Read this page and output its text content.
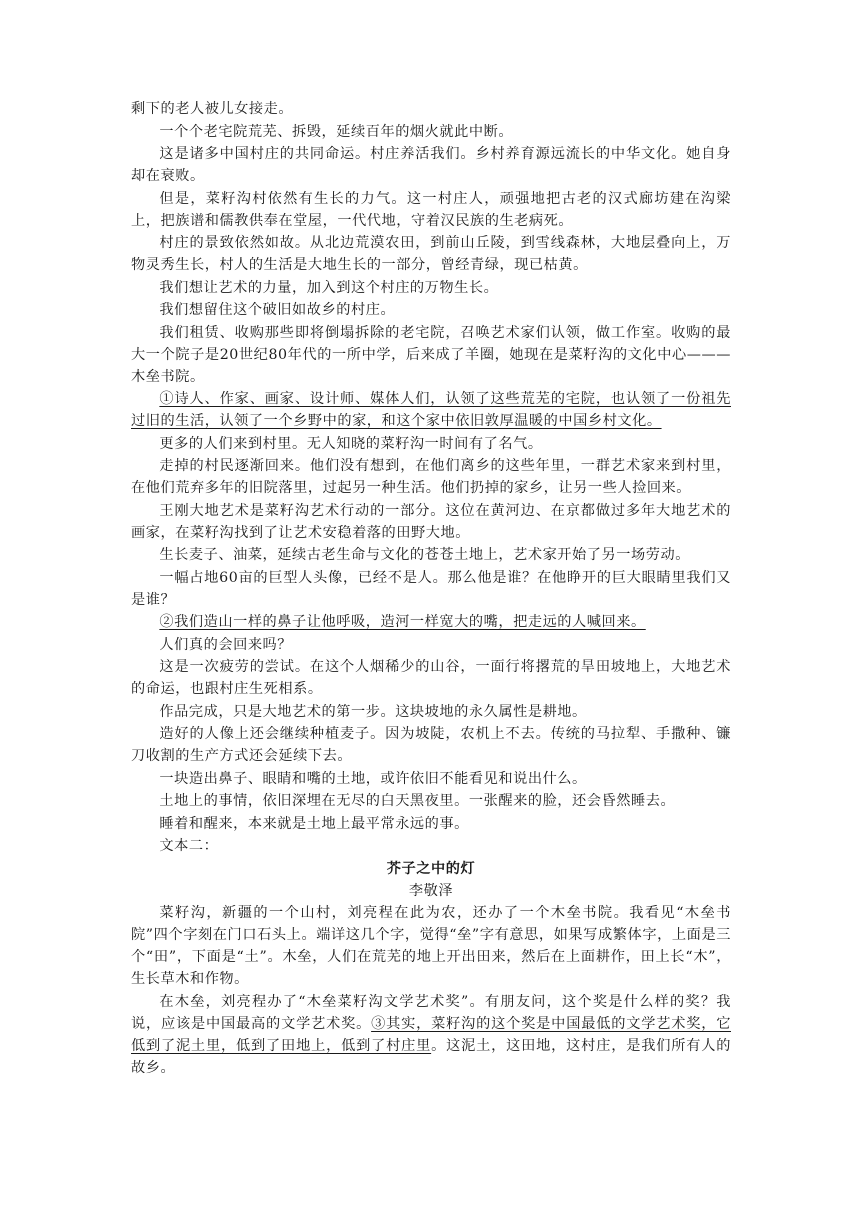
剩下的老人被儿女接走。

一个个老宅院荒芜、拆毁，延续百年的烟火就此中断。

这是诸多中国村庄的共同命运。村庄养活我们。乡村养育源远流长的中华文化。她自身却在衰败。

但是，菜籽沟村依然有生长的力气。这一村庄人，顽强地把古老的汉式廊坊建在沟梁上，把族谱和儒教供奉在堂屋，一代代地，守着汉民族的生老病死。

村庄的景致依然如故。从北边荒漠农田，到前山丘陵，到雪线森林，大地层叠向上，万物灵秀生长，村人的生活是大地生长的一部分，曾经青绿，现已枯黄。

我们想让艺术的力量，加入到这个村庄的万物生长。

我们想留住这个破旧如故乡的村庄。

我们租赁、收购那些即将倒塌拆除的老宅院，召唤艺术家们认领，做工作室。收购的最大一个院子是20世纪80年代的一所中学，后来成了羊圈，她现在是菜籽沟的文化中心———木垒书院。

①诗人、作家、画家、设计师、媒体人们，认领了这些荒芜的宅院，也认领了一份祖先过旧的生活，认领了一个乡野中的家，和这个家中依旧敦厚温暖的中国乡村文化。

更多的人们来到村里。无人知晓的菜籽沟一时间有了名气。

走掉的村民逐渐回来。他们没有想到，在他们离乡的这些年里，一群艺术家来到村里，在他们荒弃多年的旧院落里，过起另一种生活。他们扔掉的家乡，让另一些人捡回来。

王刚大地艺术是菜籽沟艺术行动的一部分。这位在黄河边、在京都做过多年大地艺术的画家，在菜籽沟找到了让艺术安稳着落的田野大地。

生长麦子、油菜，延续古老生命与文化的苍苍土地上，艺术家开始了另一场劳动。

一幅占地60亩的巨型人头像，已经不是人。那么他是谁？在他睁开的巨大眼睛里我们又是谁？

②我们造山一样的鼻子让他呼吸，造河一样宽大的嘴，把走远的人喊回来。

人们真的会回来吗？

这是一次疲劳的尝试。在这个人烟稀少的山谷，一面行将撂荒的旱田坡地上，大地艺术的命运，也跟村庄生死相系。

作品完成，只是大地艺术的第一步。这块坡地的永久属性是耕地。

造好的人像上还会继续种植麦子。因为坡陡，农机上不去。传统的马拉犁、手撒种、镰刀收割的生产方式还会延续下去。

一块造出鼻子、眼睛和嘴的土地，或许依旧不能看见和说出什么。

土地上的事情，依旧深埋在无尽的白天黑夜里。一张醒来的脸，还会昏然睡去。

睡着和醒来，本来就是土地上最平常永远的事。

文本二：

芥子之中的灯
李敬泽

菜籽沟，新疆的一个山村，刘亮程在此为农，还办了一个木垒书院。我看见“木垒书院”四个字刻在门口石头上。端详这几个字，觉得“垒”字有意思，如果写成繁体字，上面是三个“田”，下面是“土”。木垒，人们在荒芜的地上开出田来，然后在上面耕作，田上长“木”，生长草木和作物。

在木垒，刘亮程办了“木垒菜籽沟文学艺术奖”。有朋友问，这个奖是什么样的奖？我说，应该是中国最高的文学艺术奖。③其实，菜籽沟的这个奖是中国最低的文学艺术奖，它低到了泥土里，低到了田地上，低到了村庄里。这泥土，这田地，这村庄，是我们所有人的故乡。
